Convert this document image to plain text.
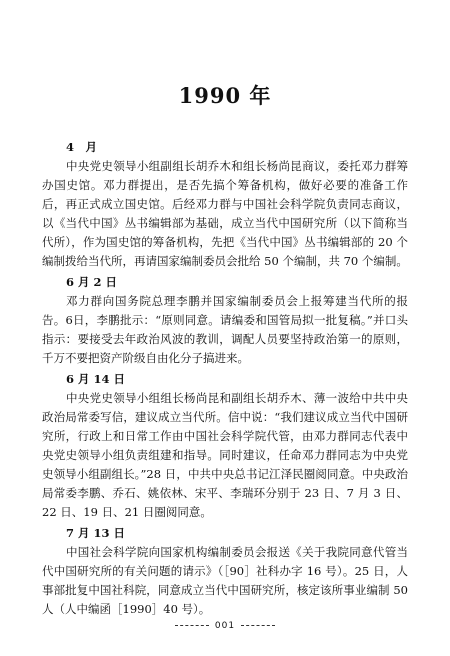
1990 年
4　月

中央党史领导小组副组长胡乔木和组长杨尚昆商议，委托邓力群筹办国史馆。邓力群提出，是否先搞个筹备机构，做好必要的准备工作后，再正式成立国史馆。后经邓力群与中国社会科学院负责同志商议，以《当代中国》丛书编辑部为基础，成立当代中国研究所（以下简称当代所），作为国史馆的筹备机构，先把《当代中国》丛书编辑部的 20 个编制拨给当代所，再请国家编制委员会批给 50 个编制，共 70 个编制。

6 月 2 日

邓力群向国务院总理李鹏并国家编制委员会上报筹建当代所的报告。6日，李鹏批示：“原则同意。请编委和国管局拟一批复稿。”并口头指示：要接受去年政治风波的教训，调配人员要坚持政治第一的原则，千万不要把资产阶级自由化分子搞进来。

6 月 14 日

中央党史领导小组组长杨尚昆和副组长胡乔木、薄一波给中共中央政治局常委写信，建议成立当代所。信中说：“我们建议成立当代中国研究所，行政上和日常工作由中国社会科学院代管，由邓力群同志代表中央党史领导小组负责组建和指导。同时建议，任命邓力群同志为中央党史领导小组副组长。”28 日，中共中央总书记江泽民圈阅同意。中央政治局常委李鹏、乔石、姚依林、宋平、李瑞环分别于 23 日、7 月 3 日、22 日、19 日、21 日圈阅同意。

7 月 13 日

中国社会科学院向国家机构编制委员会报送《关于我院同意代管当代中国研究所的有关问题的请示》（［90］社科办字 16 号）。25 日，人事部批复中国社科院，同意成立当代中国研究所，核定该所事业编制 50 人（人中编函［1990］40 号）。

001
